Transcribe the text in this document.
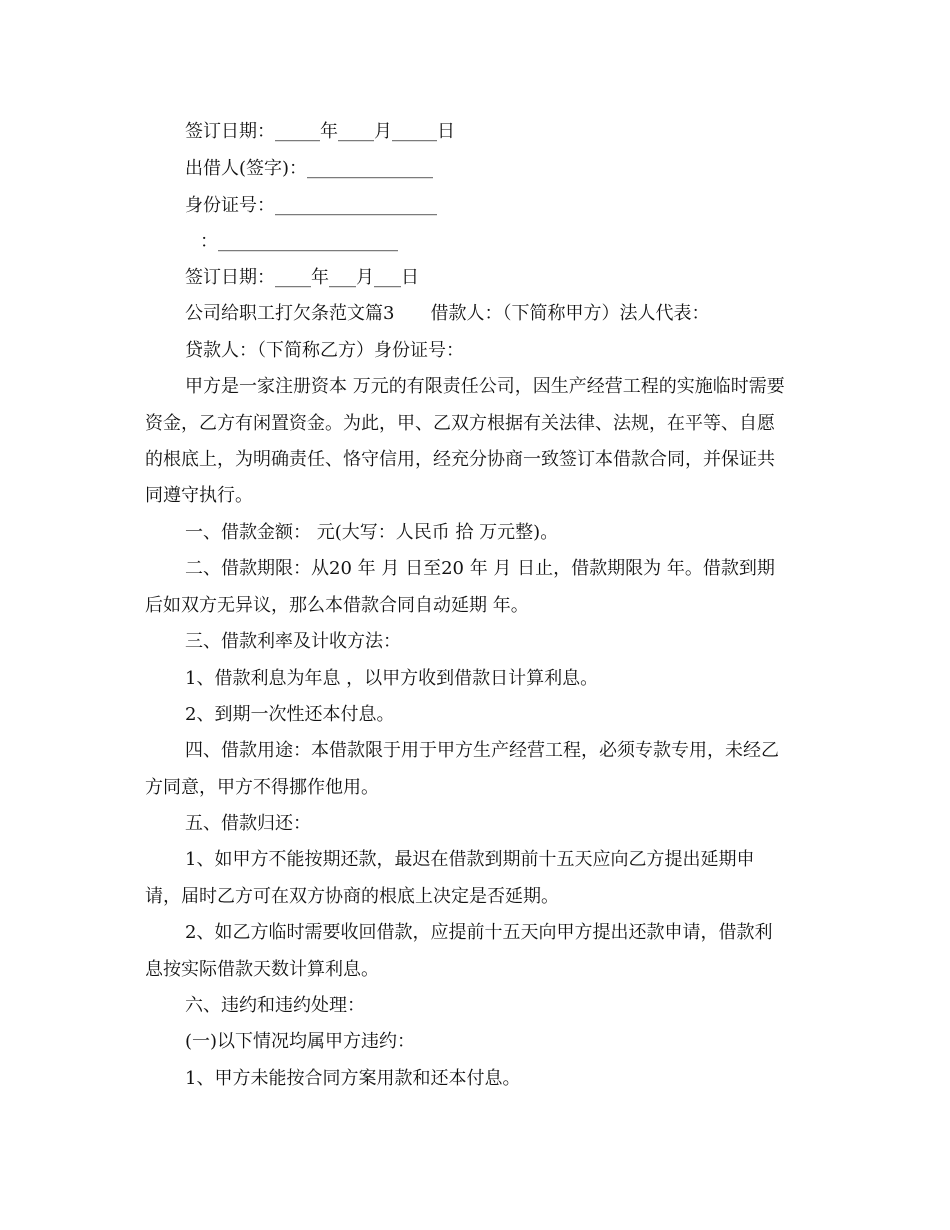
签订日期：_____年____月_____日
出借人(签字)：______________
身份证号：__________________
：____________________
签订日期：____年___月___日
公司给职工打欠条范文篇3 借款人：（下简称甲方）法人代表：
贷款人：（下简称乙方）身份证号：
甲方是一家注册资本 万元的有限责任公司，因生产经营工程的实施临时需要
资金，乙方有闲置资金。为此，甲、乙双方根据有关法律、法规，在平等、自愿
的根底上，为明确责任、恪守信用，经充分协商一致签订本借款合同，并保证共
同遵守执行。
一、借款金额： 元(大写：人民币 拾 万元整)。
二、借款期限：从20 年 月 日至20 年 月 日止，借款期限为 年。借款到期
后如双方无异议，那么本借款合同自动延期 年。
三、借款利率及计收方法：
1、借款利息为年息 ，以甲方收到借款日计算利息。
2、到期一次性还本付息。
四、借款用途：本借款限于用于甲方生产经营工程，必须专款专用，未经乙
方同意，甲方不得挪作他用。
五、借款归还：
1、如甲方不能按期还款，最迟在借款到期前十五天应向乙方提出延期申
请，届时乙方可在双方协商的根底上决定是否延期。
2、如乙方临时需要收回借款，应提前十五天向甲方提出还款申请，借款利
息按实际借款天数计算利息。
六、违约和违约处理：
(一)以下情况均属甲方违约：
1、甲方未能按合同方案用款和还本付息。
